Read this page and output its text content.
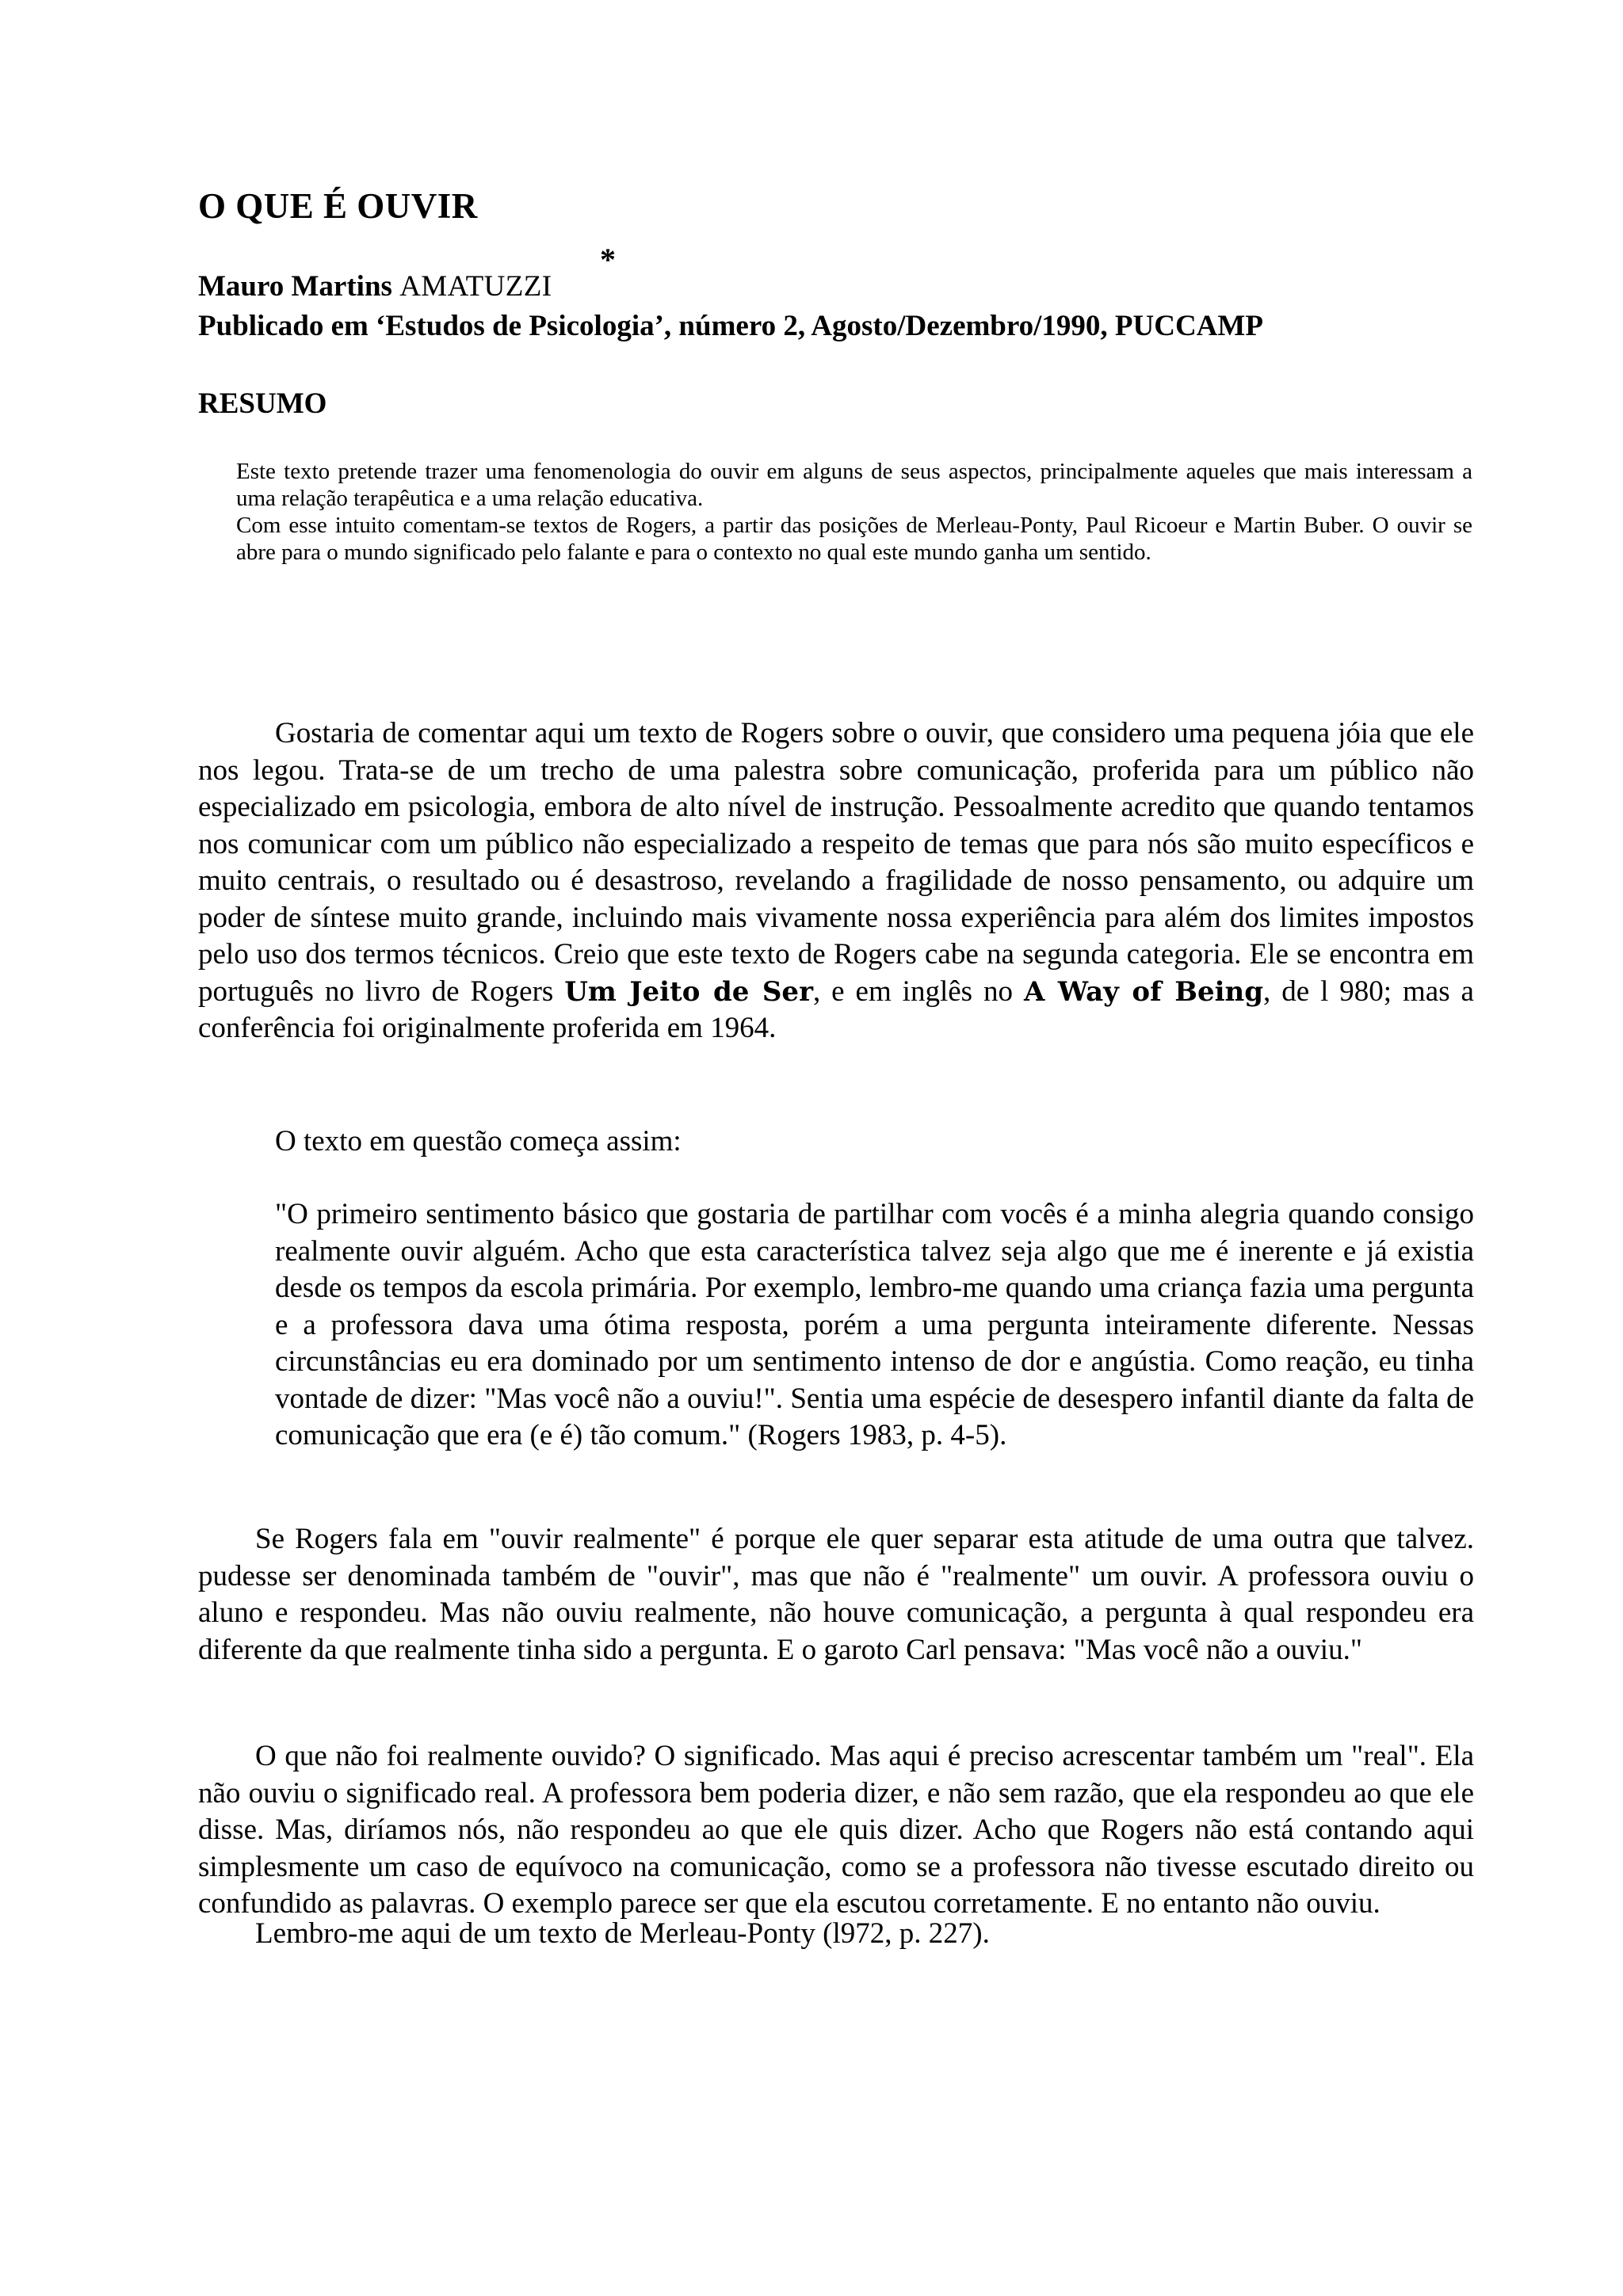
O QUE É OUVIR
*
Mauro Martins AMATUZZI
Publicado em ‘Estudos de Psicologia’, número 2, Agosto/Dezembro/1990, PUCCAMP
RESUMO

Este texto pretende trazer uma fenomenologia do ouvir em alguns de seus aspectos, principalmente aqueles que mais interessam a uma relação terapêutica e a uma relação educativa.

Com esse intuito comentam-se textos de Rogers, a partir das posições de Merleau-Ponty, Paul Ricoeur e Martin Buber. O ouvir se abre para o mundo significado pelo falante e para o contexto no qual este mundo ganha um sentido.

Gostaria de comentar aqui um texto de Rogers sobre o ouvir, que considero uma pequena jóia que ele nos legou. Trata-se de um trecho de uma palestra sobre comunicação, proferida para um público não especializado em psicologia, embora de alto nível de instrução. Pessoalmente acredito que quando tentamos nos comunicar com um público não especializado a respeito de temas que para nós são muito específicos e muito centrais, o resultado ou é desastroso, revelando a fragilidade de nosso pensamento, ou adquire um poder de síntese muito grande, incluindo mais vivamente nossa experiência para além dos limites impostos pelo uso dos termos técnicos. Creio que este texto de Rogers cabe na segunda categoria. Ele se encontra em português no livro de Rogers Um Jeito de Ser, e em inglês no A Way of Being, de l 980; mas a conferência foi originalmente proferida em 1964.

O texto em questão começa assim:

"O primeiro sentimento básico que gostaria de partilhar com vocês é a minha alegria quando consigo realmente ouvir alguém. Acho que esta característica talvez seja algo que me é inerente e já existia desde os tempos da escola primária. Por exemplo, lembro-me quando uma criança fazia uma pergunta e a professora dava uma ótima resposta, porém a uma pergunta inteiramente diferente. Nessas circunstâncias eu era dominado por um sentimento intenso de dor e angústia. Como reação, eu tinha vontade de dizer: "Mas você não a ouviu!". Sentia uma espécie de desespero infantil diante da falta de comunicação que era (e é) tão comum." (Rogers 1983, p. 4-5).

Se Rogers fala em "ouvir realmente" é porque ele quer separar esta atitude de uma outra que talvez. pudesse ser denominada também de "ouvir", mas que não é "realmente" um ouvir. A professora ouviu o aluno e respondeu. Mas não ouviu realmente, não houve comunicação, a pergunta à qual respondeu era diferente da que realmente tinha sido a pergunta. E o garoto Carl pensava: "Mas você não a ouviu."

O que não foi realmente ouvido? O significado. Mas aqui é preciso acrescentar também um "real". Ela não ouviu o significado real. A professora bem poderia dizer, e não sem razão, que ela respondeu ao que ele disse. Mas, diríamos nós, não respondeu ao que ele quis dizer. Acho que Rogers não está contando aqui simplesmente um caso de equívoco na comunicação, como se a professora não tivesse escutado direito ou confundido as palavras. O exemplo parece ser que ela escutou corretamente. E no entanto não ouviu.

Lembro-me aqui de um texto de Merleau-Ponty (l972, p. 227).
